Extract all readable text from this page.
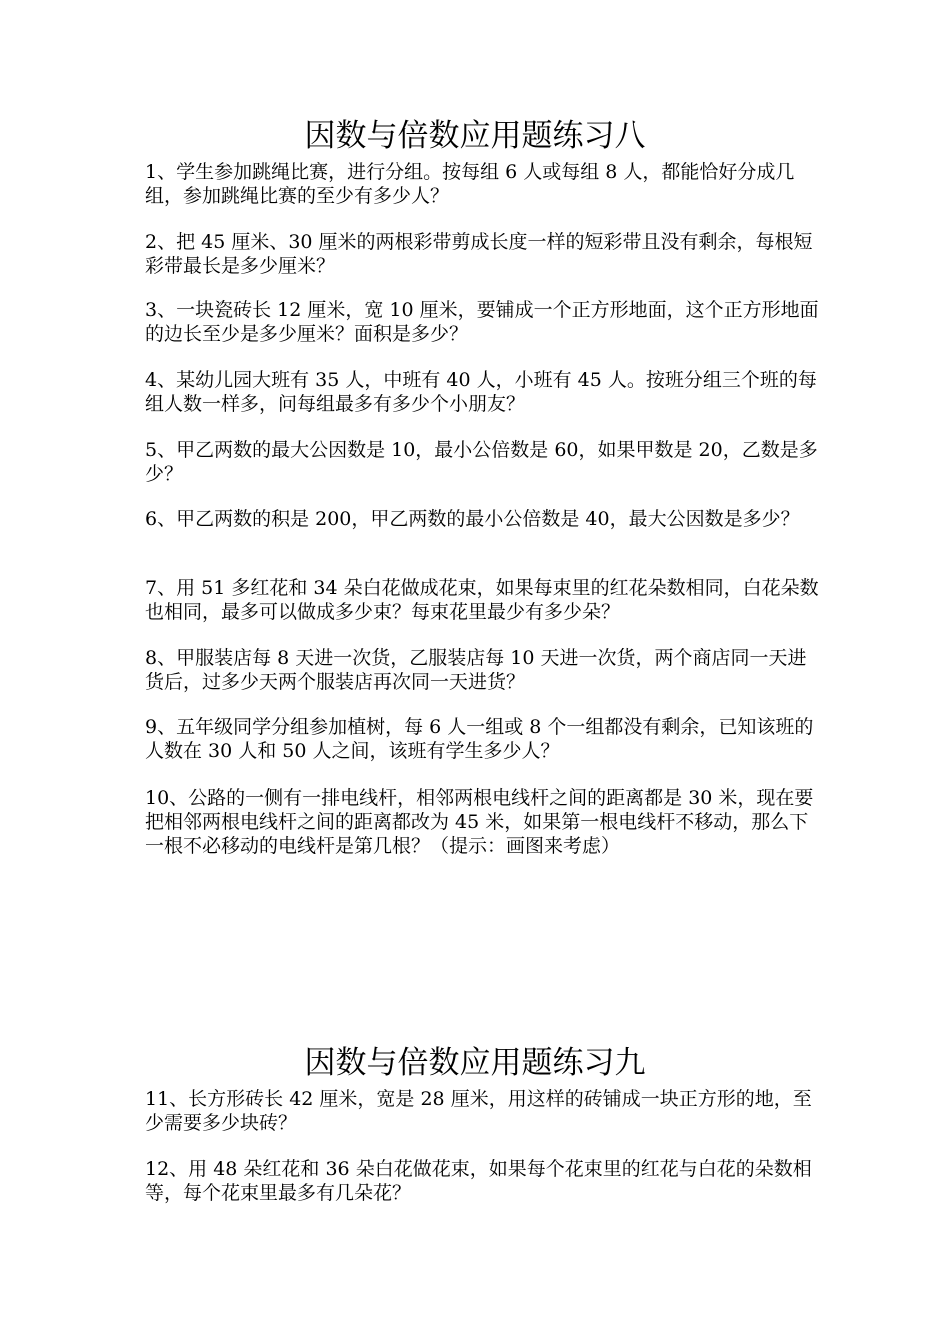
因数与倍数应用题练习八

1、学生参加跳绳比赛，进行分组。按每组 6 人或每组 8 人，都能恰好分成几组，参加跳绳比赛的至少有多少人？

2、把 45 厘米、30 厘米的两根彩带剪成长度一样的短彩带且没有剩余，每根短彩带最长是多少厘米？

3、一块瓷砖长 12 厘米，宽 10 厘米，要铺成一个正方形地面，这个正方形地面的边长至少是多少厘米？面积是多少？

4、某幼儿园大班有 35 人，中班有 40 人，小班有 45 人。按班分组三个班的每组人数一样多，问每组最多有多少个小朋友？

5、甲乙两数的最大公因数是 10，最小公倍数是 60，如果甲数是 20，乙数是多少？

6、甲乙两数的积是 200，甲乙两数的最小公倍数是 40，最大公因数是多少？

7、用 51 多红花和 34 朵白花做成花束，如果每束里的红花朵数相同，白花朵数也相同，最多可以做成多少束？每束花里最少有多少朵？

8、甲服装店每 8 天进一次货，乙服装店每 10 天进一次货，两个商店同一天进货后，过多少天两个服装店再次同一天进货？

9、五年级同学分组参加植树，每 6 人一组或 8 个一组都没有剩余，已知该班的人数在 30 人和 50 人之间，该班有学生多少人？

10、公路的一侧有一排电线杆，相邻两根电线杆之间的距离都是 30 米，现在要把相邻两根电线杆之间的距离都改为 45 米，如果第一根电线杆不移动，那么下一根不必移动的电线杆是第几根？（提示：画图来考虑）

因数与倍数应用题练习九

11、长方形砖长 42 厘米，宽是 28 厘米，用这样的砖铺成一块正方形的地，至少需要多少块砖？

12、用 48 朵红花和 36 朵白花做花束，如果每个花束里的红花与白花的朵数相等，每个花束里最多有几朵花？
